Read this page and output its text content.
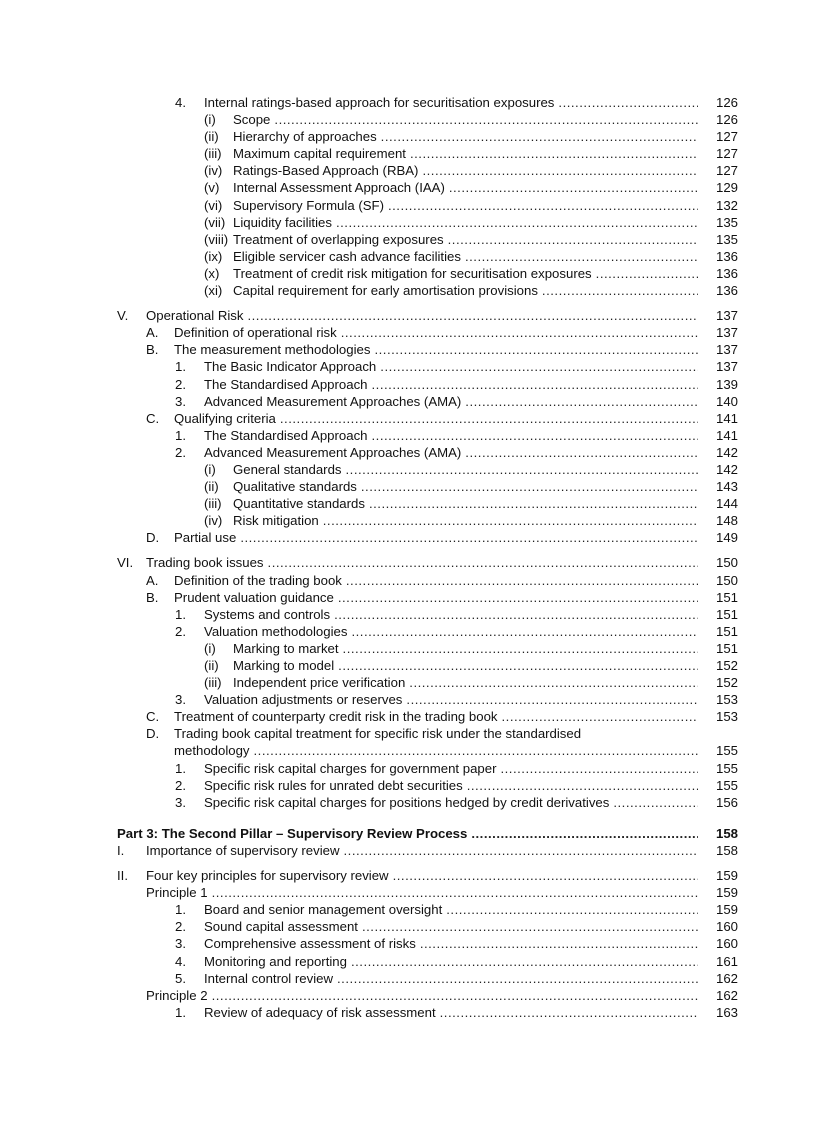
4. Internal ratings-based approach for securitisation exposures .....	126
(i) Scope .....	126
(ii) Hierarchy of approaches .....	127
(iii) Maximum capital requirement .....	127
(iv) Ratings-Based Approach (RBA) .....	127
(v) Internal Assessment Approach (IAA) .....	129
(vi) Supervisory Formula (SF) .....	132
(vii) Liquidity facilities .....	135
(viii) Treatment of overlapping exposures .....	135
(ix) Eligible servicer cash advance facilities .....	136
(x) Treatment of credit risk mitigation for securitisation exposures .....	136
(xi) Capital requirement for early amortisation provisions .....	136
V. Operational Risk .....	137
A. Definition of operational risk .....	137
B. The measurement methodologies .....	137
1. The Basic Indicator Approach .....	137
2. The Standardised Approach .....	139
3. Advanced Measurement Approaches (AMA) .....	140
C. Qualifying criteria .....	141
1. The Standardised Approach .....	141
2. Advanced Measurement Approaches (AMA) .....	142
(i) General standards .....	142
(ii) Qualitative standards .....	143
(iii) Quantitative standards .....	144
(iv) Risk mitigation .....	148
D. Partial use .....	149
VI. Trading book issues .....	150
A. Definition of the trading book .....	150
B. Prudent valuation guidance .....	151
1. Systems and controls .....	151
2. Valuation methodologies .....	151
(i) Marking to market .....	151
(ii) Marking to model .....	152
(iii) Independent price verification .....	152
3. Valuation adjustments or reserves .....	153
C. Treatment of counterparty credit risk in the trading book .....	153
D. Trading book capital treatment for specific risk under the standardised
methodology .....	155
1. Specific risk capital charges for government paper .....	155
2. Specific risk rules for unrated debt securities .....	155
3. Specific risk capital charges for positions hedged by credit derivatives .....	156
Part 3: The Second Pillar – Supervisory Review Process .....	158
I. Importance of supervisory review .....	158
II. Four key principles for supervisory review .....	159
Principle 1 .....	159
1. Board and senior management oversight .....	159
2. Sound capital assessment .....	160
3. Comprehensive assessment of risks .....	160
4. Monitoring and reporting .....	161
5. Internal control review .....	162
Principle 2 .....	162
1. Review of adequacy of risk assessment .....	163
